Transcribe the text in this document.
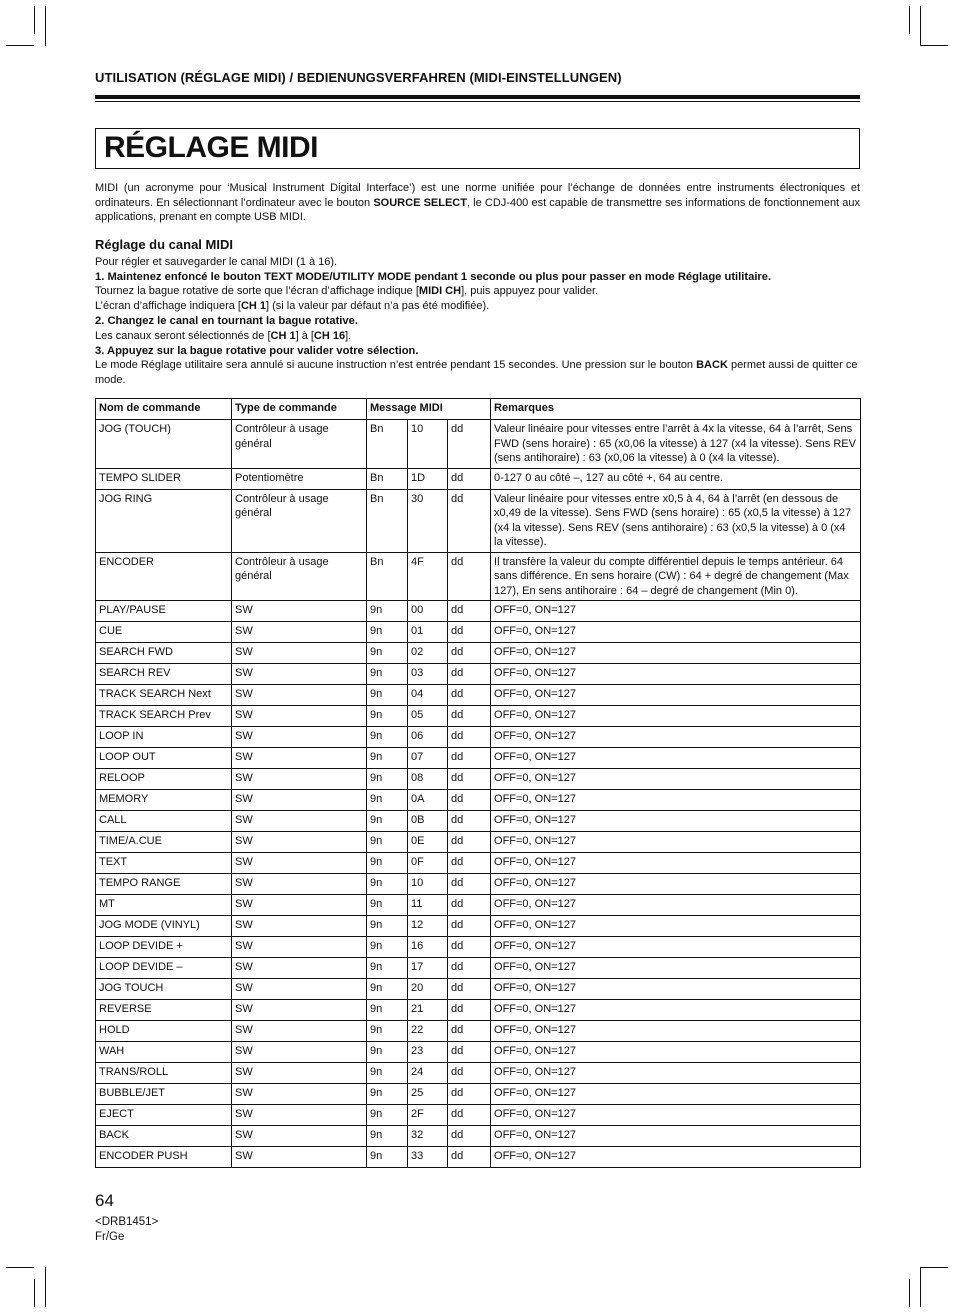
UTILISATION (RÉGLAGE MIDI) / BEDIENUNGSVERFAHREN (MIDI-EINSTELLUNGEN)
RÉGLAGE MIDI
MIDI (un acronyme pour ‘Musical Instrument Digital Interface’) est une norme unifiée pour l’échange de données entre instruments électroniques et ordinateurs. En sélectionnant l’ordinateur avec le bouton SOURCE SELECT, le CDJ-400 est capable de transmettre ses informations de fonctionnement aux applications, prenant en compte USB MIDI.
Réglage du canal MIDI

Pour régler et sauvegarder le canal MIDI (1 à 16).

1. Maintenez enfoncé le bouton TEXT MODE/UTILITY MODE pendant 1 seconde ou plus pour passer en mode Réglage utilitaire.

Tournez la bague rotative de sorte que l’écran d’affichage indique [MIDI CH], puis appuyez pour valider.

L’écran d’affichage indiquera [CH 1] (si la valeur par défaut n’a pas été modifiée).

2. Changez le canal en tournant la bague rotative.

Les canaux seront sélectionnés de [CH 1] à [CH 16].

3. Appuyez sur la bague rotative pour valider votre sélection.

Le mode Réglage utilitaire sera annulé si aucune instruction n’est entrée pendant 15 secondes. Une pression sur le bouton BACK permet aussi de quitter ce mode.

Nom de commande	Type de commande	Message MIDI			Remarques
JOG (TOUCH)	Contrôleur à usage général	Bn	10	dd	Valeur linéaire pour vitesses entre l’arrêt à 4x la vitesse, 64 à l’arrêt, Sens FWD (sens horaire) : 65 (x0,06 la vitesse) à 127 (x4 la vitesse). Sens REV (sens antihoraire) : 63 (x0,06 la vitesse) à 0 (x4 la vitesse).
TEMPO SLIDER	Potentiomètre	Bn	1D	dd	0-127 0 au côté –, 127 au côté +, 64 au centre.
JOG RING	Contrôleur à usage général	Bn	30	dd	Valeur linéaire pour vitesses entre x0,5 à 4, 64 à l’arrêt (en dessous de x0,49 de la vitesse). Sens FWD (sens horaire) : 65 (x0,5 la vitesse) à 127 (x4 la vitesse). Sens REV (sens antihoraire) : 63 (x0,5 la vitesse) à 0 (x4 la vitesse).
ENCODER	Contrôleur à usage général	Bn	4F	dd	Il transfère la valeur du compte différentiel depuis le temps antérieur. 64 sans différence. En sens horaire (CW) : 64 + degré de changement (Max 127), En sens antihoraire : 64 – degré de changement (Min 0).
PLAY/PAUSE	SW	9n	00	dd	OFF=0, ON=127
CUE	SW	9n	01	dd	OFF=0, ON=127
SEARCH FWD	SW	9n	02	dd	OFF=0, ON=127
SEARCH REV	SW	9n	03	dd	OFF=0, ON=127
TRACK SEARCH Next	SW	9n	04	dd	OFF=0, ON=127
TRACK SEARCH Prev	SW	9n	05	dd	OFF=0, ON=127
LOOP IN	SW	9n	06	dd	OFF=0, ON=127
LOOP OUT	SW	9n	07	dd	OFF=0, ON=127
RELOOP	SW	9n	08	dd	OFF=0, ON=127
MEMORY	SW	9n	0A	dd	OFF=0, ON=127
CALL	SW	9n	0B	dd	OFF=0, ON=127
TIME/A.CUE	SW	9n	0E	dd	OFF=0, ON=127
TEXT	SW	9n	0F	dd	OFF=0, ON=127
TEMPO RANGE	SW	9n	10	dd	OFF=0, ON=127
MT	SW	9n	11	dd	OFF=0, ON=127
JOG MODE (VINYL)	SW	9n	12	dd	OFF=0, ON=127
LOOP DEVIDE +	SW	9n	16	dd	OFF=0, ON=127
LOOP DEVIDE –	SW	9n	17	dd	OFF=0, ON=127
JOG TOUCH	SW	9n	20	dd	OFF=0, ON=127
REVERSE	SW	9n	21	dd	OFF=0, ON=127
HOLD	SW	9n	22	dd	OFF=0, ON=127
WAH	SW	9n	23	dd	OFF=0, ON=127
TRANS/ROLL	SW	9n	24	dd	OFF=0, ON=127
BUBBLE/JET	SW	9n	25	dd	OFF=0, ON=127
EJECT	SW	9n	2F	dd	OFF=0, ON=127
BACK	SW	9n	32	dd	OFF=0, ON=127
ENCODER PUSH	SW	9n	33	dd	OFF=0, ON=127
64
<DRB1451>
Fr/Ge
